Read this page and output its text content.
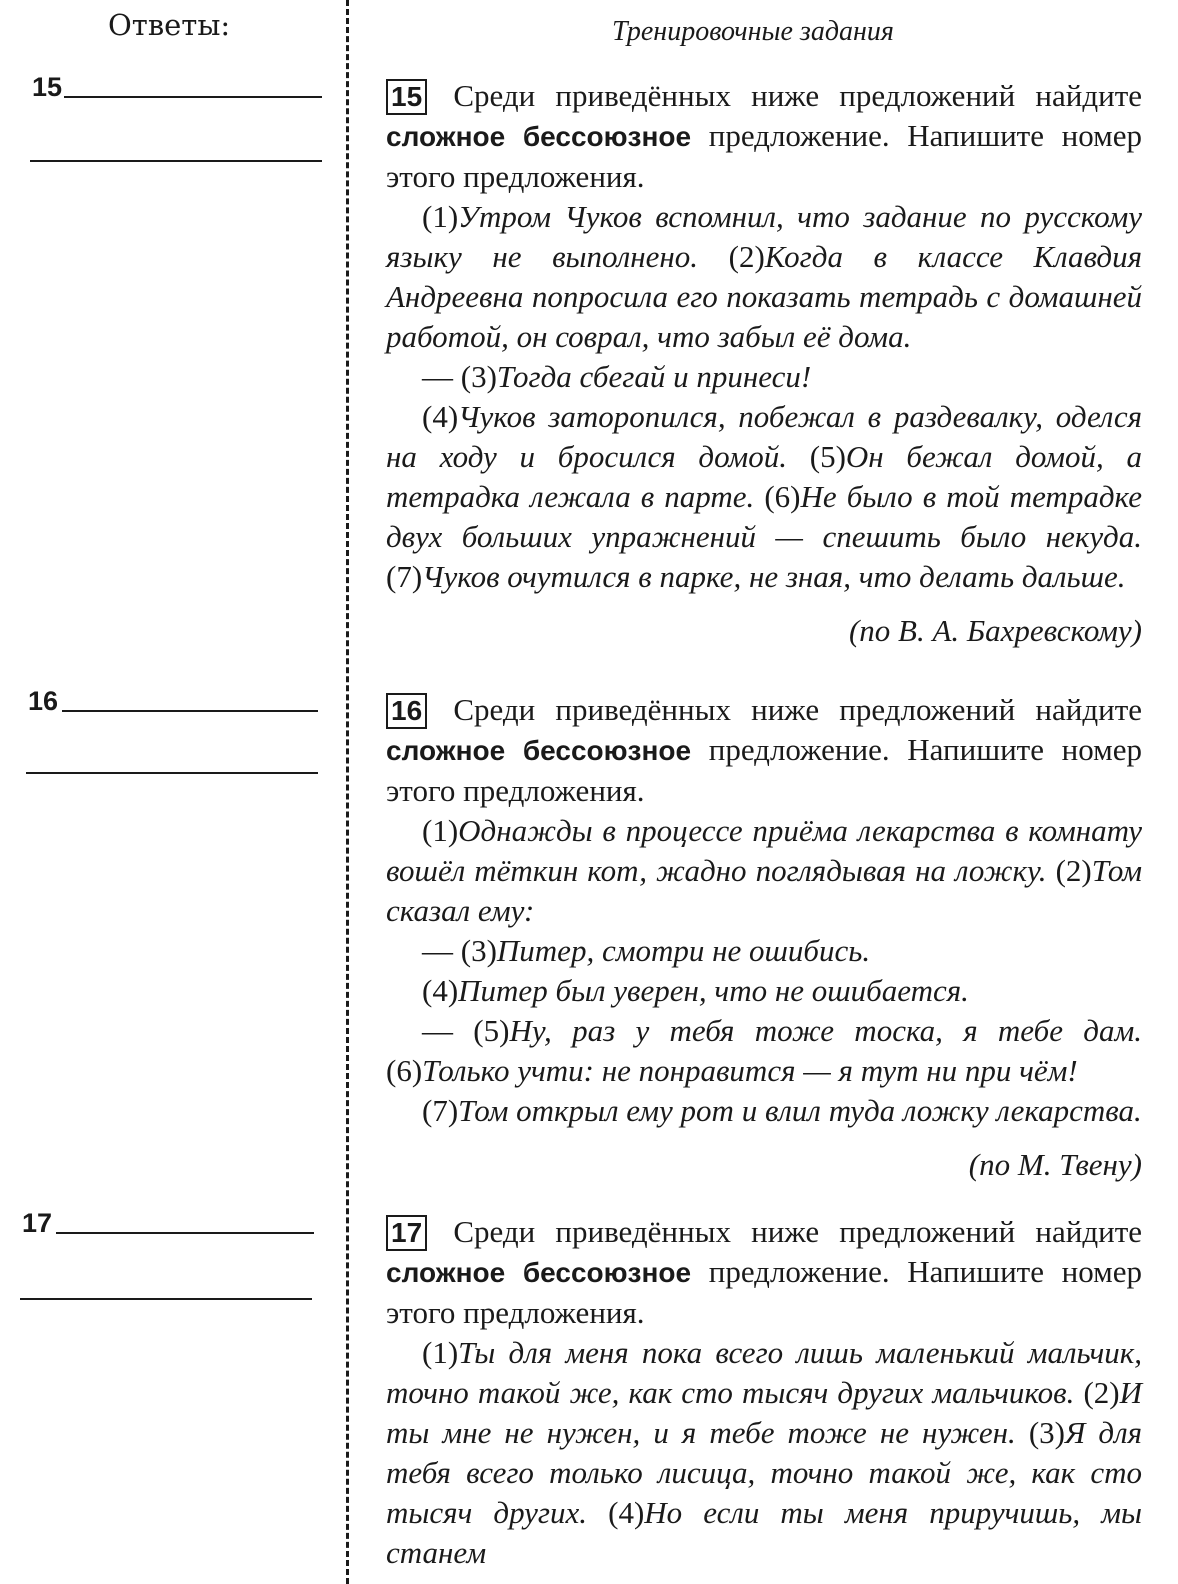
Ответы:
15
16
17
Тренировочные задания
15 Среди приведённых ниже предложений найдите сложное бессоюзное предложение. Напишите номер этого предложения.

(1)Утром Чуков вспомнил, что задание по русскому языку не выполнено. (2)Когда в классе Клавдия Андреевна попросила его показать тетрадь с домашней работой, он соврал, что забыл её дома.

— (3)Тогда сбегай и принеси!

(4)Чуков заторопился, побежал в раздевалку, оделся на ходу и бросился домой. (5)Он бежал домой, а тетрадка лежала в парте. (6)Не было в той тетрадке двух больших упражнений — спешить было некуда. (7)Чуков очутился в парке, не зная, что делать дальше.

(по В. А. Бахревскому)
16 Среди приведённых ниже предложений найдите сложное бессоюзное предложение. Напишите номер этого предложения.

(1)Однажды в процессе приёма лекарства в комнату вошёл тёткин кот, жадно поглядывая на ложку. (2)Том сказал ему:

— (3)Питер, смотри не ошибись.

(4)Питер был уверен, что не ошибается.

— (5)Ну, раз у тебя тоже тоска, я тебе дам. (6)Только учти: не понравится — я тут ни при чём!

(7)Том открыл ему рот и влил туда ложку лекарства.

(по М. Твену)
17 Среди приведённых ниже предложений найдите сложное бессоюзное предложение. Напишите номер этого предложения.

(1)Ты для меня пока всего лишь маленький мальчик, точно такой же, как сто тысяч других мальчиков. (2)И ты мне не нужен, и я тебе тоже не нужен. (3)Я для тебя всего только лисица, точно такой же, как сто тысяч других. (4)Но если ты меня приручишь, мы станем
